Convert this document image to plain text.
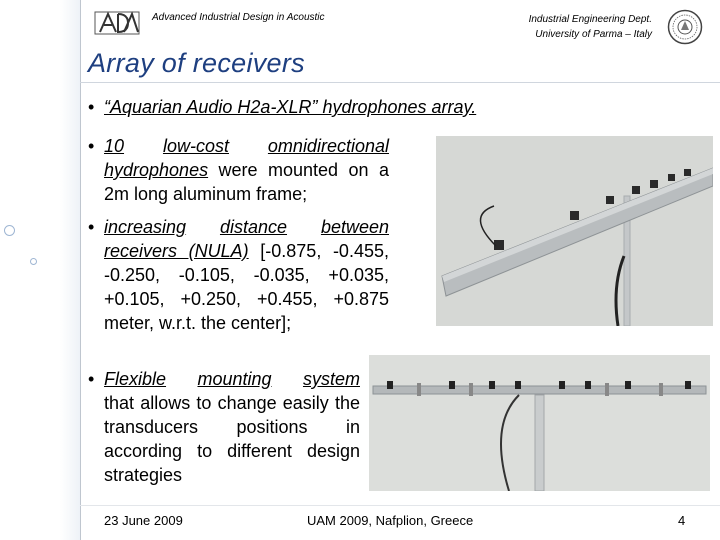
Advanced Industrial Design in Acoustic	Industrial Engineering Dept.
University of Parma – Italy
Array of receivers
• “Aquarian Audio H2a-XLR” hydrophones array.
• 10 low-cost omnidirectional hydrophones were mounted on a 2m long aluminum frame;
• increasing distance between receivers (NULA) [-0.875, -0.455, -0.250, -0.105, -0.035, +0.035, +0.105, +0.250, +0.455, +0.875 meter, w.r.t. the center];
• Flexible mounting system that allows to change easily the transducers positions in according to different design strategies
23 June 2009	UAM 2009, Nafplion, Greece	4
